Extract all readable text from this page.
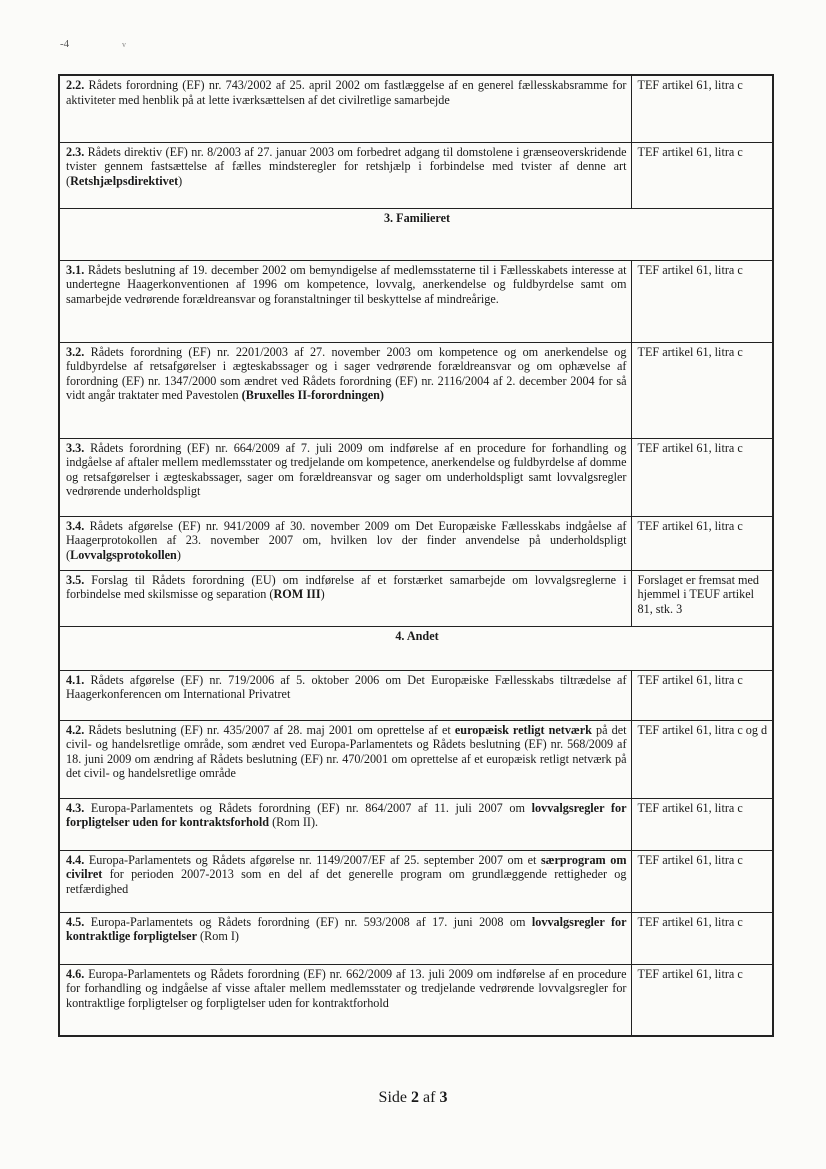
-4	v
2.2. Rådets forordning (EF) nr. 743/2002 af 25. april 2002 om fastlæggelse af en generel fællesskabsramme for aktiviteter med henblik på at lette iværksættelsen af det civilretlige samarbejde	TEF artikel 61, litra c
2.3. Rådets direktiv (EF) nr. 8/2003 af 27. januar 2003 om forbedret adgang til domstolene i grænseoverskridende tvister gennem fastsættelse af fælles mindsteregler for retshjælp i forbindelse med tvister af denne art (Retshjælpsdirektivet)	TEF artikel 61, litra c
3. Familieret	
3.1. Rådets beslutning af 19. december 2002 om bemyndigelse af medlemsstaterne til i Fællesskabets interesse at undertegne Haagerkonventionen af 1996 om kompetence, lovvalg, anerkendelse og fuldbyrdelse samt om samarbejde vedrørende forældreansvar og foranstaltninger til beskyttelse af mindreårige.	TEF artikel 61, litra c
3.2. Rådets forordning (EF) nr. 2201/2003 af 27. november 2003 om kompetence og om anerkendelse og fuldbyrdelse af retsafgørelser i ægteskabssager og i sager vedrørende forældreansvar og om ophævelse af forordning (EF) nr. 1347/2000 som ændret ved Rådets forordning (EF) nr. 2116/2004 af 2. december 2004 for så vidt angår traktater med Pavestolen (Bruxelles II-forordningen)	TEF artikel 61, litra c
3.3. Rådets forordning (EF) nr. 664/2009 af 7. juli 2009 om indførelse af en procedure for forhandling og indgåelse af aftaler mellem medlemsstater og tredjelande om kompetence, anerkendelse og fuldbyrdelse af domme og retsafgørelser i ægteskabssager, sager om forældreansvar og sager om underholdspligt samt lovvalgsregler vedrørende underholdspligt	TEF artikel 61, litra c
3.4. Rådets afgørelse (EF) nr. 941/2009 af 30. november 2009 om Det Europæiske Fællesskabs indgåelse af Haagerprotokollen af 23. november 2007 om, hvilken lov der finder anvendelse på underholdspligt (Lovvalgsprotokollen)	TEF artikel 61, litra c
3.5. Forslag til Rådets forordning (EU) om indførelse af et forstærket samarbejde om lovvalgsreglerne i forbindelse med skilsmisse og separation (ROM III)	Forslaget er fremsat med hjemmel i TEUF artikel 81, stk. 3
4. Andet	
4.1. Rådets afgørelse (EF) nr. 719/2006 af 5. oktober 2006 om Det Europæiske Fællesskabs tiltrædelse af Haagerkonferencen om International Privatret	TEF artikel 61, litra c
4.2. Rådets beslutning (EF) nr. 435/2007 af 28. maj 2001 om oprettelse af et europæisk retligt netværk på det civil- og handelsretlige område, som ændret ved Europa-Parlamentets og Rådets beslutning (EF) nr. 568/2009 af 18. juni 2009 om ændring af Rådets beslutning (EF) nr. 470/2001 om oprettelse af et europæisk retligt netværk på det civil- og handelsretlige område	TEF artikel 61, litra c og d
4.3. Europa-Parlamentets og Rådets forordning (EF) nr. 864/2007 af 11. juli 2007 om lovvalgsregler for forpligtelser uden for kontraktsforhold (Rom II).	TEF artikel 61, litra c
4.4. Europa-Parlamentets og Rådets afgørelse nr. 1149/2007/EF af 25. september 2007 om et særprogram om civilret for perioden 2007-2013 som en del af det generelle program om grundlæggende rettigheder og retfærdighed	TEF artikel 61, litra c
4.5. Europa-Parlamentets og Rådets forordning (EF) nr. 593/2008 af 17. juni 2008 om lovvalgsregler for kontraktlige forpligtelser (Rom I)	TEF artikel 61, litra c
4.6. Europa-Parlamentets og Rådets forordning (EF) nr. 662/2009 af 13. juli 2009 om indførelse af en procedure for forhandling og indgåelse af visse aftaler mellem medlemsstater og tredjelande vedrørende lovvalgsregler for kontraktlige forpligtelser og forpligtelser uden for kontraktforhold	TEF artikel 61, litra c
Side 2 af 3
